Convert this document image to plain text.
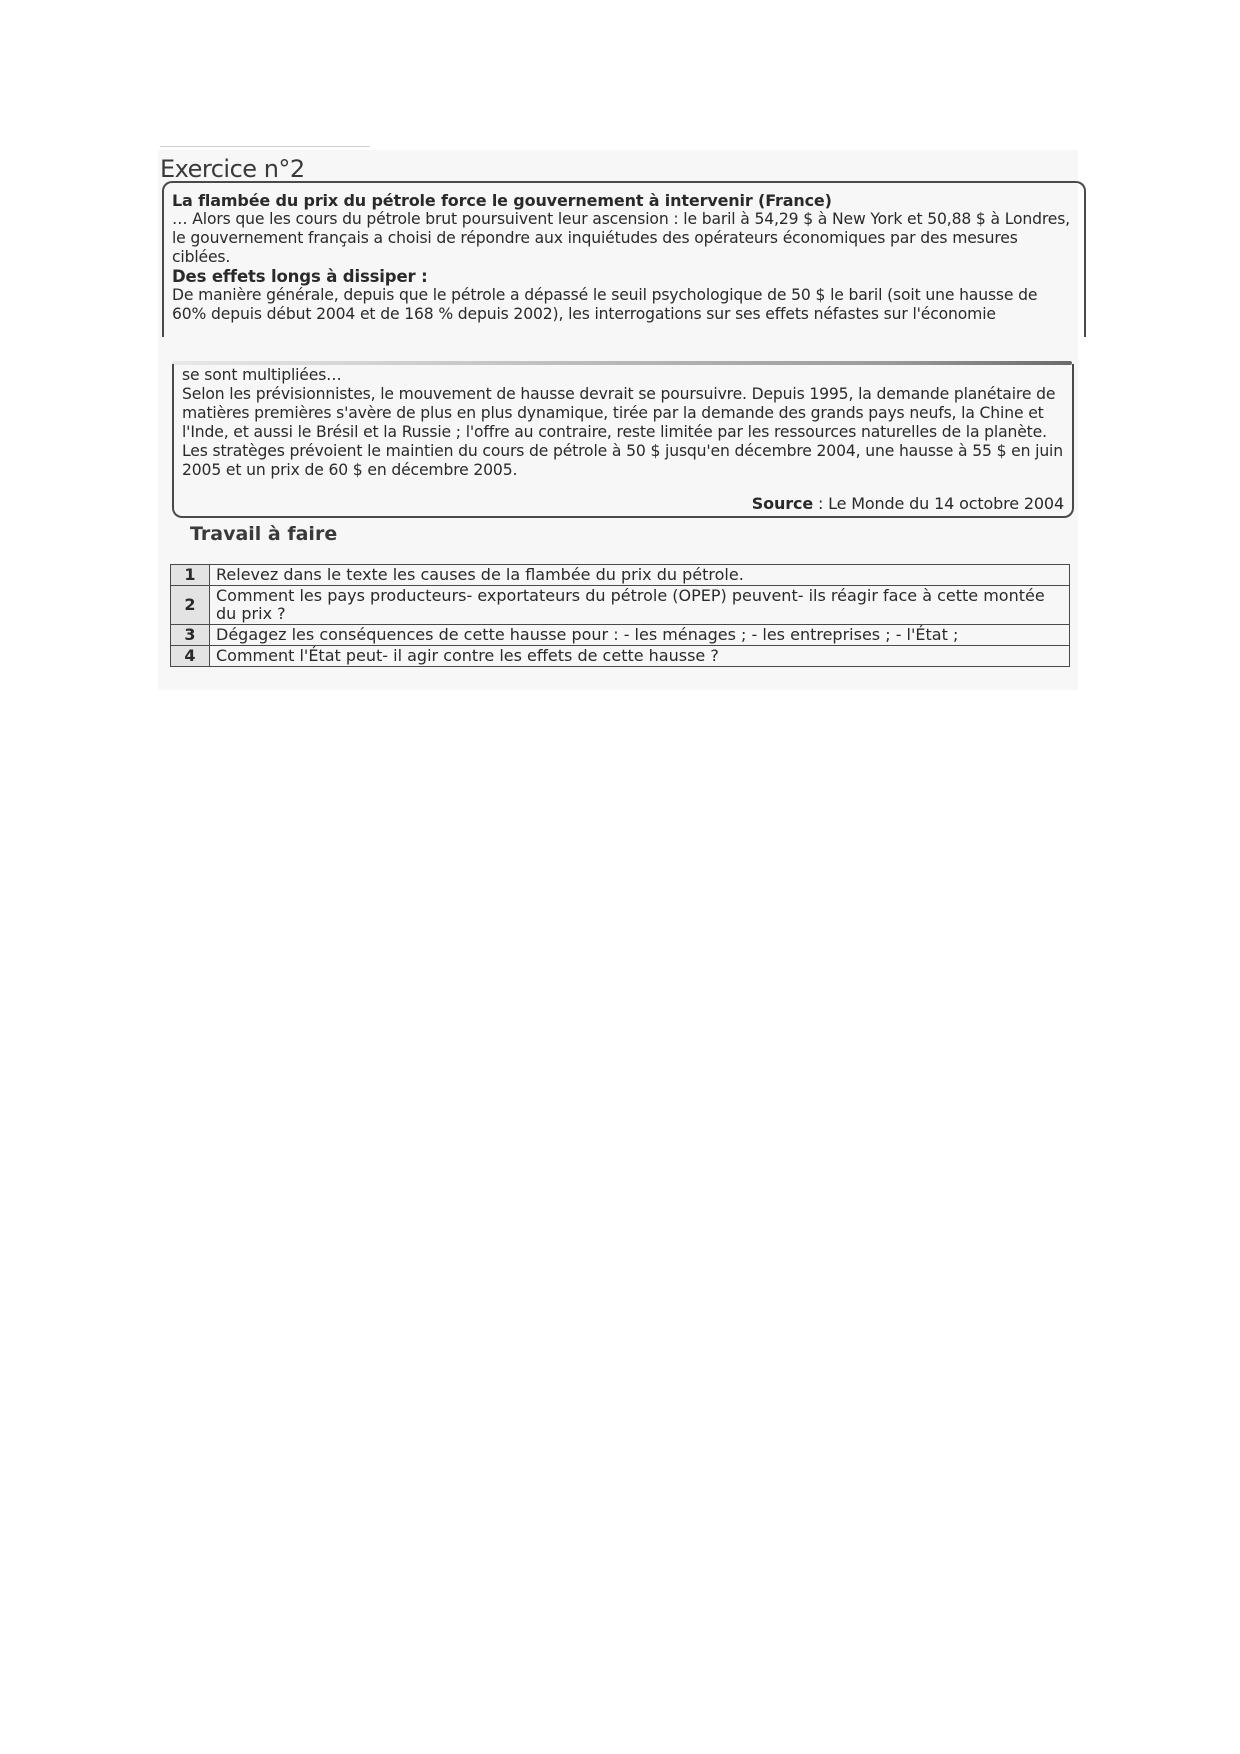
Exercice n°2

La flambée du prix du pétrole force le gouvernement à intervenir (France)

… Alors que les cours du pétrole brut poursuivent leur ascension : le baril à 54,29 $ à New York et 50,88 $ à Londres, le gouvernement français a choisi de répondre aux inquiétudes des opérateurs économiques par des mesures ciblées.

Des effets longs à dissiper :

De manière générale, depuis que le pétrole a dépassé le seuil psychologique de 50 $ le baril (soit une hausse de 60% depuis début 2004 et de 168 % depuis 2002), les interrogations sur ses effets néfastes sur l'économie

se sont multipliées…

Selon les prévisionnistes, le mouvement de hausse devrait se poursuivre. Depuis 1995, la demande planétaire de matières premières s'avère de plus en plus dynamique, tirée par la demande des grands pays neufs, la Chine et l'Inde, et aussi le Brésil et la Russie ; l'offre au contraire, reste limitée par les ressources naturelles de la planète. Les stratèges prévoient le maintien du cours de pétrole à 50 $ jusqu'en décembre 2004, une hausse à 55 $ en juin 2005 et un prix de 60 $ en décembre 2005.

Source : Le Monde du 14 octobre 2004
Travail à faire
1	Relevez dans le texte les causes de la flambée du prix du pétrole.
2	Comment les pays producteurs- exportateurs du pétrole (OPEP) peuvent- ils réagir face à cette montée du prix ?
3	Dégagez les conséquences de cette hausse pour : - les ménages ; - les entreprises ; - l'État ;
4	Comment l'État peut- il agir contre les effets de cette hausse ?
